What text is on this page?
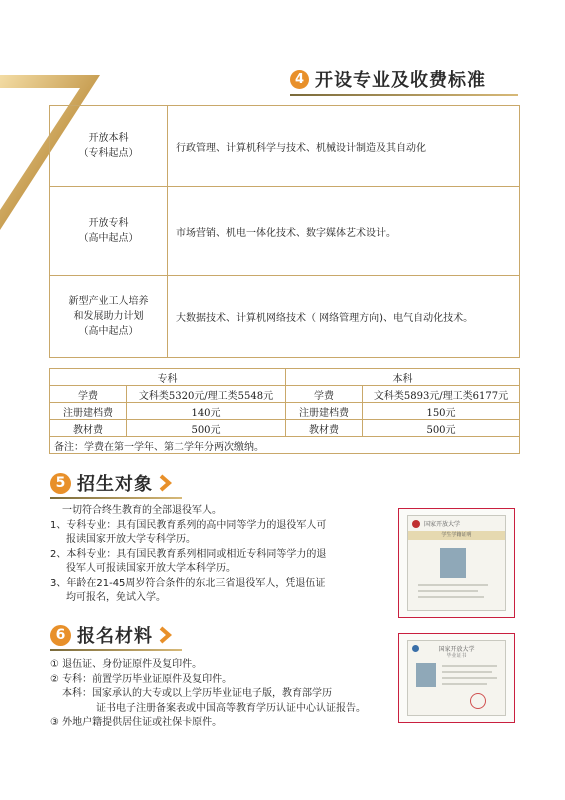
4 开设专业及收费标准
开放本科
（专科起点）	行政管理、计算机科学与技术、机械设计制造及其自动化

开放专科
（高中起点）	市场营销、机电一体化技术、数字媒体艺术设计。

新型产业工人培养
和发展助力计划
（高中起点）	大数据技术、计算机网络技术（ 网络管理方向)、电气自动化技术。
专科		本科	
学费	文科类5320元/理工类5548元	学费	文科类5893元/理工类6177元
注册建档费	140元	注册建档费	150元
教材费	500元	教材费	500元
备注：学费在第一学年、第二学年分两次缴纳。			
5 招生对象
一切符合终生教育的全部退役军人。
1、专科专业：具有国民教育系列的高中同等学力的退役军人可
报读国家开放大学专科学历。
2、本科专业：具有国民教育系列相同或相近专科同等学力的退
役军人可报读国家开放大学本科学历。
3、年龄在21-45周岁符合条件的东北三省退役军人，凭退伍证
均可报名，免试入学。
6 报名材料
① 退伍证、身份证原件及复印件。
② 专科：前置学历毕业证原件及复印件。
本科：国家承认的大专或以上学历毕业证电子版，教育部学历
证书电子注册备案表或中国高等教育学历认证中心认证报告。
③ 外地户籍提供居住证或社保卡原件。
国家开放大学
学生学籍证明
国家开放大学
毕业证书
